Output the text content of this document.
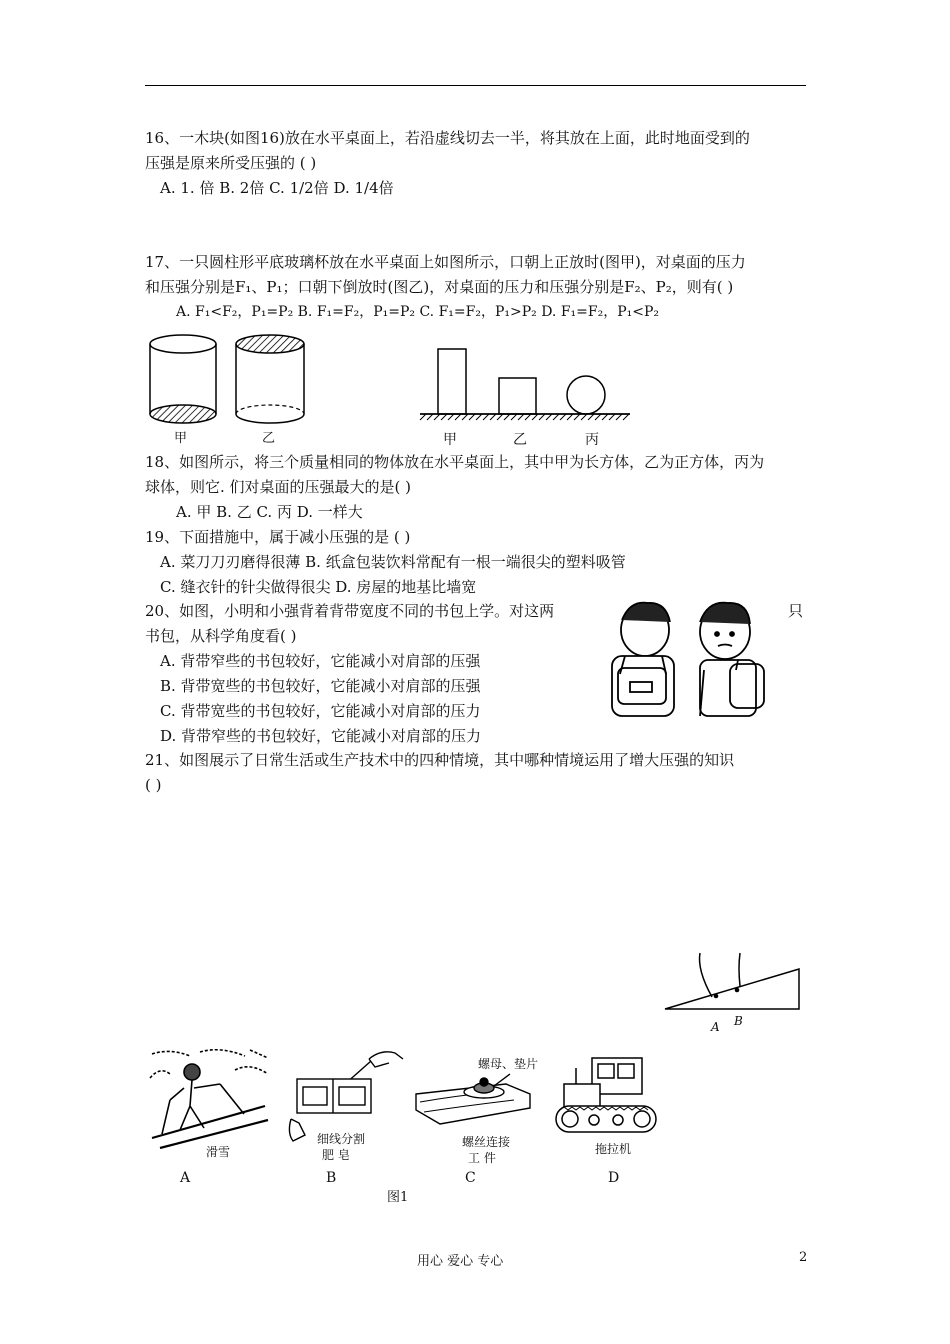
16、一木块(如图16)放在水平桌面上，若沿虚线切去一半，将其放在上面，此时地面受到的
压强是原来所受压强的 ( )
A. 1. 倍 B. 2倍 C. 1/2倍 D. 1/4倍
17、一只圆柱形平底玻璃杯放在水平桌面上如图所示，口朝上正放时(图甲)，对桌面的压力
和压强分别是F₁、P₁；口朝下倒放时(图乙)，对桌面的压力和压强分别是F₂、P₂，则有( )
A. F₁<F₂，P₁=P₂ B. F₁=F₂，P₁=P₂ C. F₁=F₂，P₁>P₂ D. F₁=F₂，P₁<P₂
甲	乙	甲	乙	丙
18、如图所示，将三个质量相同的物体放在水平桌面上，其中甲为长方体，乙为正方体，丙为
球体，则它. 们对桌面的压强最大的是( )
A. 甲 B. 乙 C. 丙 D. 一样大
19、下面措施中，属于减小压强的是 ( )
A. 菜刀刀刃磨得很薄 B. 纸盒包装饮料常配有一根一端很尖的塑料吸管
C. 缝衣针的针尖做得很尖 D. 房屋的地基比墙宽
20、如图，小明和小强背着背带宽度不同的书包上学。对这两	只
书包，从科学角度看( )
A. 背带窄些的书包较好，它能减小对肩部的压强
B. 背带宽些的书包较好，它能减小对肩部的压强
C. 背带宽些的书包较好，它能减小对肩部的压力
D. 背带窄些的书包较好，它能减小对肩部的压力
21、如图展示了日常生活或生产技术中的四种情境，其中哪种情境运用了增大压强的知识
( )
A B
滑雪
细线分割
肥 皂
螺母、垫片
螺丝连接
工 件
拖拉机
A	B	C	D
图1
用心 爱心 专心	2
